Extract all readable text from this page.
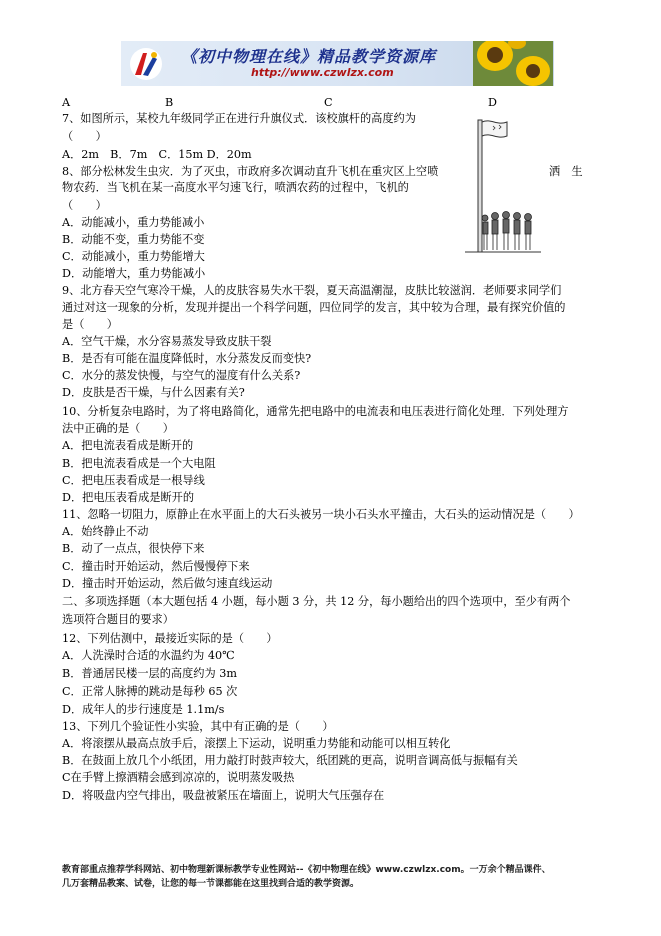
《初中物理在线》精品教学资源库
http://www.czwlzx.com
A	B	C	D
7、如图所示，某校九年级同学正在进行升旗仪式．该校旗杆的高度约为
（　　）
A．2m　B．7m　C．15m D．20m
8、部分松林发生虫灾．为了灭虫，市政府多次调动直升飞机在重灾区上空喷	洒　生
物农药．当飞机在某一高度水平匀速飞行，喷洒农药的过程中，飞机的
（　　）
A．动能减小，重力势能减小
B．动能不变，重力势能不变
C．动能减小，重力势能增大
D．动能增大，重力势能减小
9、北方春天空气寒冷干燥，人的皮肤容易失水干裂，夏天高温潮湿，皮肤比较滋润．老师要求同学们
通过对这一现象的分析，发现并提出一个科学问题，四位同学的发言，其中较为合理，最有探究价值的
是（　　）
A．空气干燥，水分容易蒸发导致皮肤干裂
B．是否有可能在温度降低时，水分蒸发反而变快?
C．水分的蒸发快慢，与空气的湿度有什么关系?
D．皮肤是否干燥，与什么因素有关?
10、分析复杂电路时，为了将电路简化，通常先把电路中的电流表和电压表进行简化处理．下列处理方
法中正确的是（　　）
A．把电流表看成是断开的
B．把电流表看成是一个大电阻
C．把电压表看成是一根导线
D．把电压表看成是断开的
11、忽略一切阻力，原静止在水平面上的大石头被另一块小石头水平撞击，大石头的运动情况是（　　）
A．始终静止不动
B．动了一点点，很快停下来
C．撞击时开始运动，然后慢慢停下来
D．撞击时开始运动，然后做匀速直线运动
二、多项选择题（本大题包括 4 小题，每小题 3 分，共 12 分，每小题给出的四个选项中，至少有两个
选项符合题目的要求）
12、下列估测中，最接近实际的是（　　）
A．人洗澡时合适的水温约为 40℃
B．普通居民楼一层的高度约为 3m
C．正常人脉搏的跳动是每秒 65 次
D．成年人的步行速度是 1.1m/s
13、下列几个验证性小实验，其中有正确的是（　　）
A．将滚摆从最高点放手后，滚摆上下运动，说明重力势能和动能可以相互转化
B．在鼓面上放几个小纸团，用力敲打时鼓声较大，纸团跳的更高，说明音调高低与振幅有关
C在手臂上擦酒精会感到凉凉的，说明蒸发吸热
D．将吸盘内空气排出，吸盘被紧压在墙面上，说明大气压强存在
教育部重点推荐学科网站、初中物理新课标教学专业性网站--《初中物理在线》www.czwlzx.com。一万余个精品课件、
几万套精品教案、试卷，让您的每一节课都能在这里找到合适的教学资源。
